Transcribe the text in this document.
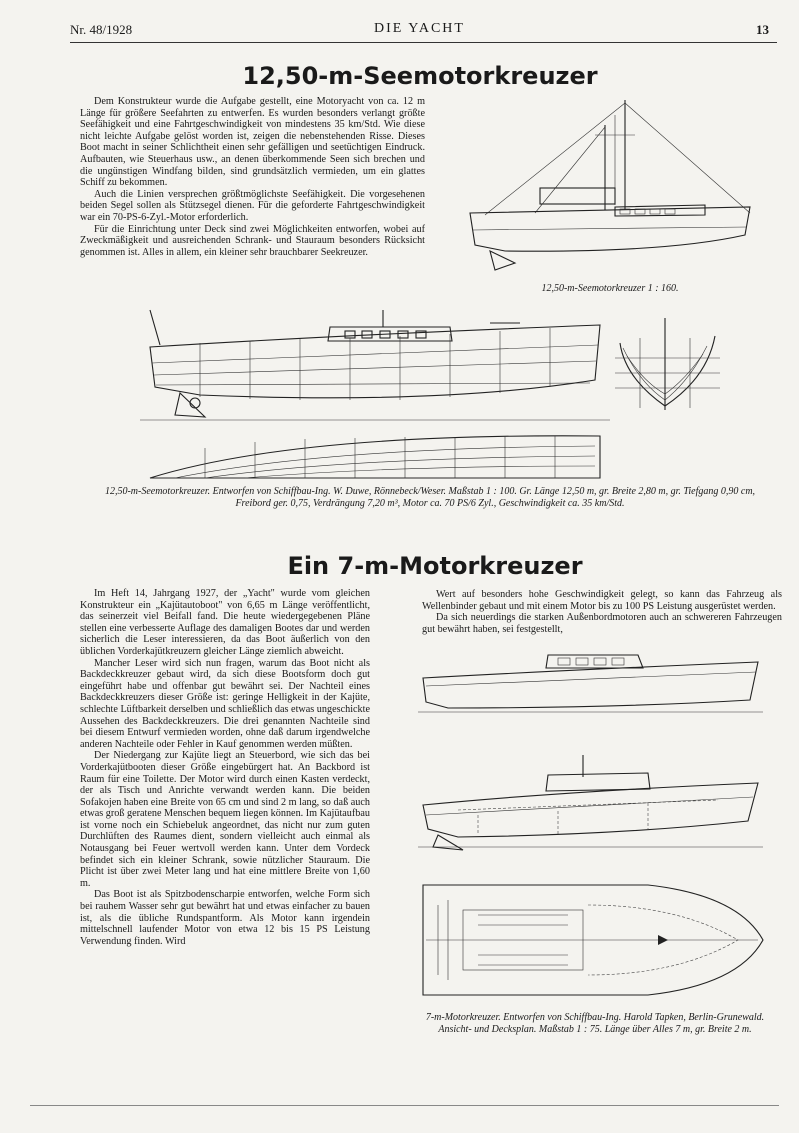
Nr. 48/1928	DIE YACHT	13
12,50-m-Seemotorkreuzer

Dem Konstrukteur wurde die Aufgabe gestellt, eine Motoryacht von ca. 12 m Länge für größere Seefahrten zu entwerfen. Es wurden besonders verlangt größte Seefähigkeit und eine Fahrtgeschwindigkeit von mindestens 35 km/Std. Wie diese nicht leichte Aufgabe gelöst worden ist, zeigen die nebenstehenden Risse. Dieses Boot macht in seiner Schlichtheit einen sehr gefälligen und seetüchtigen Eindruck. Aufbauten, wie Steuerhaus usw., an denen überkommende Seen sich brechen und die ungünstigen Windfang bilden, sind grundsätzlich vermieden, um ein glattes Schiff zu bekommen.

Auch die Linien versprechen größtmöglichste Seefähigkeit. Die vorgesehenen beiden Segel sollen als Stützsegel dienen. Für die geforderte Fahrtgeschwindigkeit war ein 70-PS-6-Zyl.-Motor erforderlich.

Für die Einrichtung unter Deck sind zwei Möglichkeiten entworfen, wobei auf Zweckmäßigkeit und ausreichenden Schrank- und Stauraum besonders Rücksicht genommen ist. Alles in allem, ein kleiner sehr brauchbarer Seekreuzer.

12,50-m-Seemotorkreuzer 1 : 160.
12,50-m-Seemotorkreuzer. Entworfen von Schiffbau-Ing. W. Duwe, Rönnebeck/Weser. Maßstab 1 : 100. Gr. Länge 12,50 m, gr. Breite 2,80 m, gr. Tiefgang 0,90 cm, Freibord ger. 0,75, Verdrängung 7,20 m³, Motor ca. 70 PS/6 Zyl., Geschwindigkeit ca. 35 km/Std.
Ein 7-m-Motorkreuzer

Im Heft 14, Jahrgang 1927, der „Yacht" wurde vom gleichen Konstrukteur ein „Kajütautoboot" von 6,65 m Länge veröffentlicht, das seinerzeit viel Beifall fand. Die heute wiedergegebenen Pläne stellen eine verbesserte Auflage des damaligen Bootes dar und werden sicherlich die Leser interessieren, da das Boot äußerlich von den üblichen Vorderkajütkreuzern gleicher Länge ziemlich abweicht.

Mancher Leser wird sich nun fragen, warum das Boot nicht als Backdeckkreuzer gebaut wird, da sich diese Bootsform doch gut eingeführt habe und offenbar gut bewährt sei. Der Nachteil eines Backdeckkreuzers dieser Größe ist: geringe Helligkeit in der Kajüte, schlechte Lüftbarkeit derselben und schließlich das etwas ungeschickte Aussehen des Backdeckkreuzers. Die drei genannten Nachteile sind bei diesem Entwurf vermieden worden, ohne daß darum irgendwelche anderen Nachteile oder Fehler in Kauf genommen werden müßten.

Der Niedergang zur Kajüte liegt an Steuerbord, wie sich das bei Vorderkajütbooten dieser Größe eingebürgert hat. An Backbord ist Raum für eine Toilette. Der Motor wird durch einen Kasten verdeckt, der als Tisch und Anrichte verwandt werden kann. Die beiden Sofakojen haben eine Breite von 65 cm und sind 2 m lang, so daß auch etwas groß geratene Menschen bequem liegen können. Im Kajütaufbau ist vorne noch ein Schiebeluk angeordnet, das nicht nur zum guten Durchlüften des Raumes dient, sondern vielleicht auch einmal als Notausgang bei Feuer wertvoll werden kann. Unter dem Vordeck befindet sich ein kleiner Schrank, sowie nützlicher Stauraum. Die Plicht ist über zwei Meter lang und hat eine mittlere Breite von 1,60 m.

Das Boot ist als Spitzbodenscharpie entworfen, welche Form sich bei rauhem Wasser sehr gut bewährt hat und etwas einfacher zu bauen ist, als die übliche Rundspantform. Als Motor kann irgendein mittelschnell laufender Motor von etwa 12 bis 15 PS Leistung Verwendung finden. Wird

Wert auf besonders hohe Geschwindigkeit gelegt, so kann das Fahrzeug als Wellenbinder gebaut und mit einem Motor bis zu 100 PS Leistung ausgerüstet werden.

Da sich neuerdings die starken Außenbordmotoren auch an schwereren Fahrzeugen gut bewährt haben, sei festgestellt,

7-m-Motorkreuzer. Entworfen von Schiffbau-Ing. Harold Tapken, Berlin-Grunewald. Ansicht- und Decksplan. Maßstab 1 : 75. Länge über Alles 7 m, gr. Breite 2 m.
